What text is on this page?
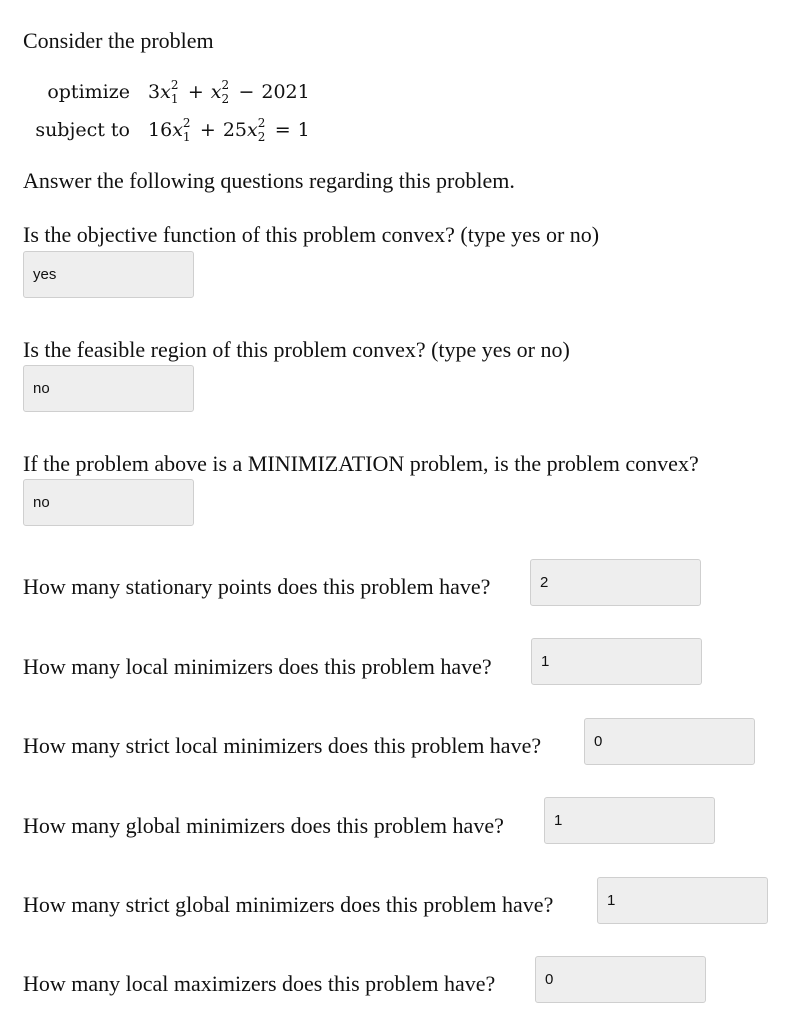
Consider the problem
optimize 3x21 + x22 − 2021
subject to 16x21 + 25x22 = 1
Answer the following questions regarding this problem.
Is the objective function of this problem convex? (type yes or no)
yes
Is the feasible region of this problem convex? (type yes or no)
no
If the problem above is a MINIMIZATION problem, is the problem convex?
no
How many stationary points does this problem have?
2
How many local minimizers does this problem have?
1
How many strict local minimizers does this problem have?
0
How many global minimizers does this problem have?
1
How many strict global minimizers does this problem have?
1
How many local maximizers does this problem have?
0
